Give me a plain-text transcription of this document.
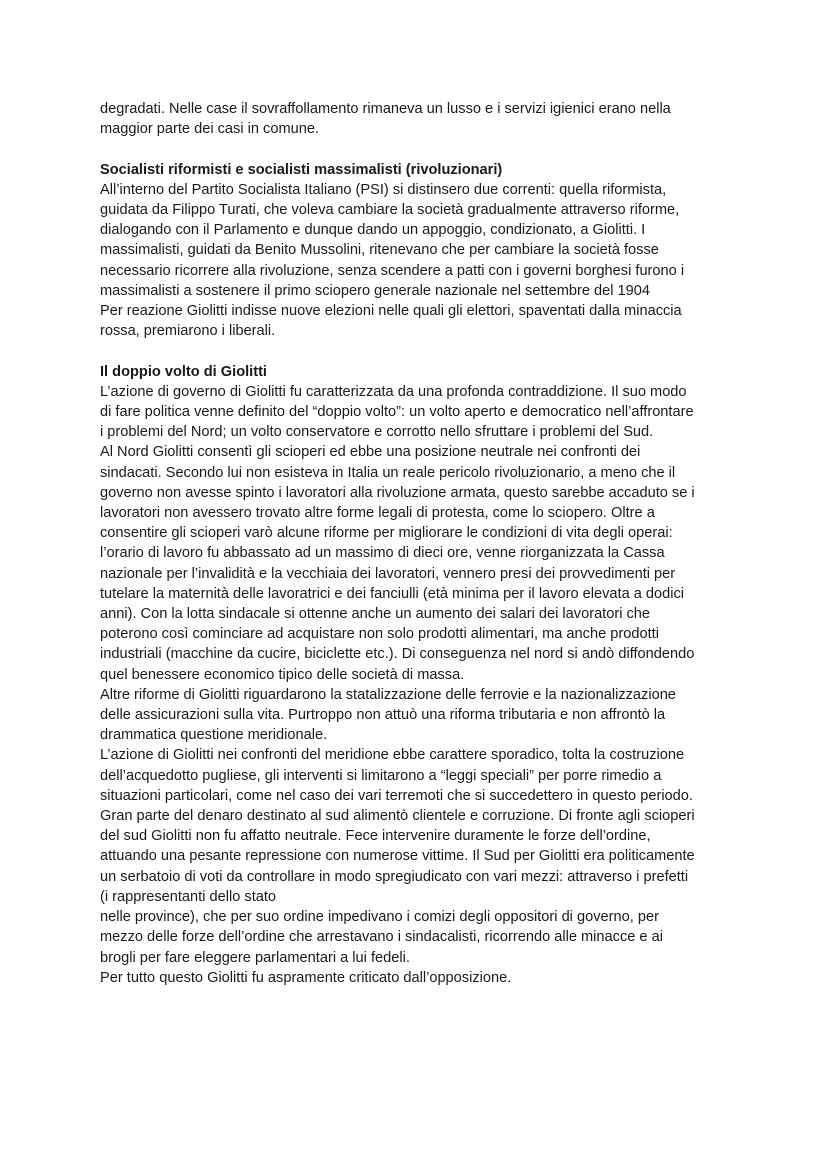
degradati. Nelle case il sovraffollamento rimaneva un lusso e i servizi igienici erano nella
maggior parte dei casi in comune.
Socialisti riformisti e socialisti massimalisti (rivoluzionari)
All’interno del Partito Socialista Italiano (PSI) si distinsero due correnti: quella riformista,
guidata da Filippo Turati, che voleva cambiare la società gradualmente attraverso riforme,
dialogando con il Parlamento e dunque dando un appoggio, condizionato, a Giolitti. I
massimalisti, guidati da Benito Mussolini, ritenevano che per cambiare la società fosse
necessario ricorrere alla rivoluzione, senza scendere a patti con i governi borghesi furono i
massimalisti a sostenere il primo sciopero generale nazionale nel settembre del 1904
Per reazione Giolitti indisse nuove elezioni nelle quali gli elettori, spaventati dalla minaccia
rossa, premiarono i liberali.
Il doppio volto di Giolitti
L’azione di governo di Giolitti fu caratterizzata da una profonda contraddizione. Il suo modo
di fare politica venne definito del “doppio volto”: un volto aperto e democratico nell’affrontare
i problemi del Nord; un volto conservatore e corrotto nello sfruttare i problemi del Sud.
Al Nord Giolitti consentì gli scioperi ed ebbe una posizione neutrale nei confronti dei
sindacati. Secondo lui non esisteva in Italia un reale pericolo rivoluzionario, a meno che il
governo non avesse spinto i lavoratori alla rivoluzione armata, questo sarebbe accaduto se i
lavoratori non avessero trovato altre forme legali di protesta, come lo sciopero. Oltre a
consentire gli scioperi varò alcune riforme per migliorare le condizioni di vita degli operai:
l’orario di lavoro fu abbassato ad un massimo di dieci ore, venne riorganizzata la Cassa
nazionale per l’invalidità e la vecchiaia dei lavoratori, vennero presi dei provvedimenti per
tutelare la maternità delle lavoratrici e dei fanciulli (età minima per il lavoro elevata a dodici
anni). Con la lotta sindacale si ottenne anche un aumento dei salari dei lavoratori che
poterono così cominciare ad acquistare non solo prodotti alimentari, ma anche prodotti
industriali (macchine da cucire, biciclette etc.). Di conseguenza nel nord si andò diffondendo
quel benessere economico tipico delle società di massa.
Altre riforme di Giolitti riguardarono la statalizzazione delle ferrovie e la nazionalizzazione
delle assicurazioni sulla vita. Purtroppo non attuò una riforma tributaria e non affrontò la
drammatica questione meridionale.
L’azione di Giolitti nei confronti del meridione ebbe carattere sporadico, tolta la costruzione
dell’acquedotto pugliese, gli interventi si limitarono a “leggi speciali” per porre rimedio a
situazioni particolari, come nel caso dei vari terremoti che si succedettero in questo periodo.
Gran parte del denaro destinato al sud alimentò clientele e corruzione. Di fronte agli scioperi
del sud Giolitti non fu affatto neutrale. Fece intervenire duramente le forze dell’ordine,
attuando una pesante repressione con numerose vittime. Il Sud per Giolitti era politicamente
un serbatoio di voti da controllare in modo spregiudicato con vari mezzi: attraverso i prefetti
(i rappresentanti dello stato
nelle province), che per suo ordine impedivano i comizi degli oppositori di governo, per
mezzo delle forze dell’ordine che arrestavano i sindacalisti, ricorrendo alle minacce e ai
brogli per fare eleggere parlamentari a lui fedeli.
Per tutto questo Giolitti fu aspramente criticato dall’opposizione.
